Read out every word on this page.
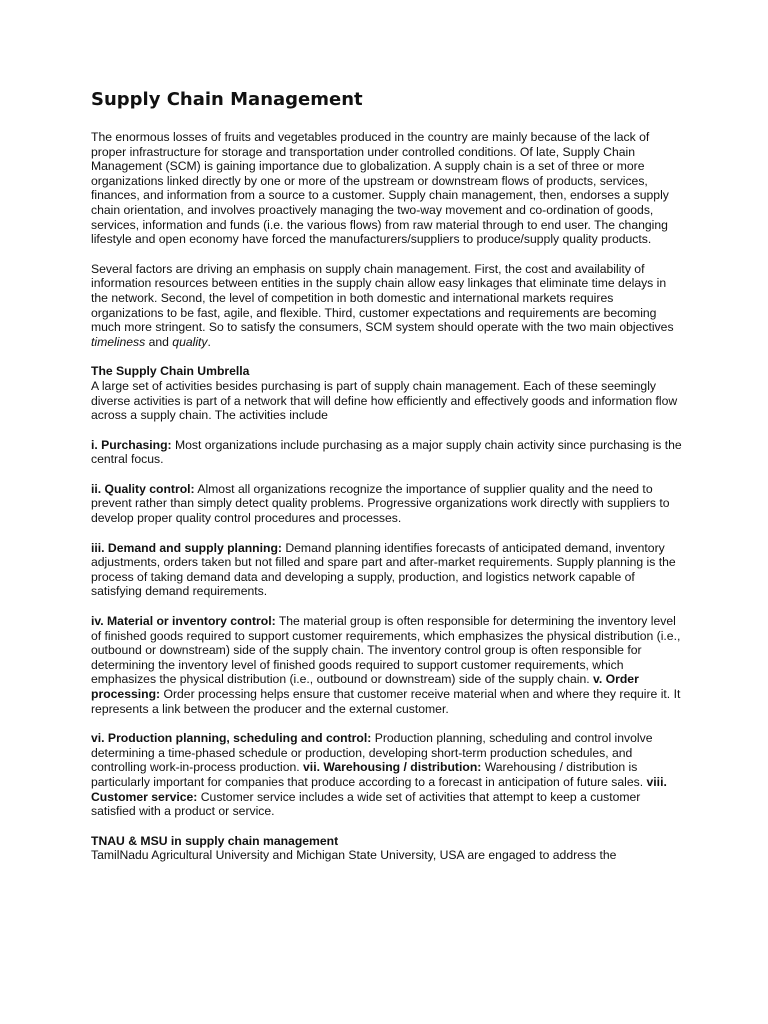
Supply Chain Management

The enormous losses of fruits and vegetables produced in the country are mainly because of the lack of proper infrastructure for storage and transportation under controlled conditions. Of late, Supply Chain Management (SCM) is gaining importance due to globalization. A supply chain is a set of three or more organizations linked directly by one or more of the upstream or downstream flows of products, services, finances, and information from a source to a customer. Supply chain management, then, endorses a supply chain orientation, and involves proactively managing the two-way movement and co-ordination of goods, services, information and funds (i.e. the various flows) from raw material through to end user. The changing lifestyle and open economy have forced the manufacturers/suppliers to produce/supply quality products.

Several factors are driving an emphasis on supply chain management. First, the cost and availability of information resources between entities in the supply chain allow easy linkages that eliminate time delays in the network. Second, the level of competition in both domestic and international markets requires organizations to be fast, agile, and flexible. Third, customer expectations and requirements are becoming much more stringent. So to satisfy the consumers, SCM system should operate with the two main objectives timeliness and quality.

The Supply Chain Umbrella
A large set of activities besides purchasing is part of supply chain management. Each of these seemingly diverse activities is part of a network that will define how efficiently and effectively goods and information flow across a supply chain. The activities include

i. Purchasing: Most organizations include purchasing as a major supply chain activity since purchasing is the central focus.

ii. Quality control: Almost all organizations recognize the importance of supplier quality and the need to prevent rather than simply detect quality problems. Progressive organizations work directly with suppliers to develop proper quality control procedures and processes.

iii. Demand and supply planning: Demand planning identifies forecasts of anticipated demand, inventory adjustments, orders taken but not filled and spare part and after-market requirements. Supply planning is the process of taking demand data and developing a supply, production, and logistics network capable of satisfying demand requirements.

iv. Material or inventory control: The material group is often responsible for determining the inventory level of finished goods required to support customer requirements, which emphasizes the physical distribution (i.e., outbound or downstream) side of the supply chain. The inventory control group is often responsible for determining the inventory level of finished goods required to support customer requirements, which emphasizes the physical distribution (i.e., outbound or downstream) side of the supply chain. v. Order processing: Order processing helps ensure that customer receive material when and where they require it. It represents a link between the producer and the external customer.

vi. Production planning, scheduling and control: Production planning, scheduling and control involve determining a time-phased schedule or production, developing short-term production schedules, and controlling work-in-process production. vii. Warehousing / distribution: Warehousing / distribution is particularly important for companies that produce according to a forecast in anticipation of future sales. viii. Customer service: Customer service includes a wide set of activities that attempt to keep a customer satisfied with a product or service.

TNAU & MSU in supply chain management
TamilNadu Agricultural University and Michigan State University, USA are engaged to address the
